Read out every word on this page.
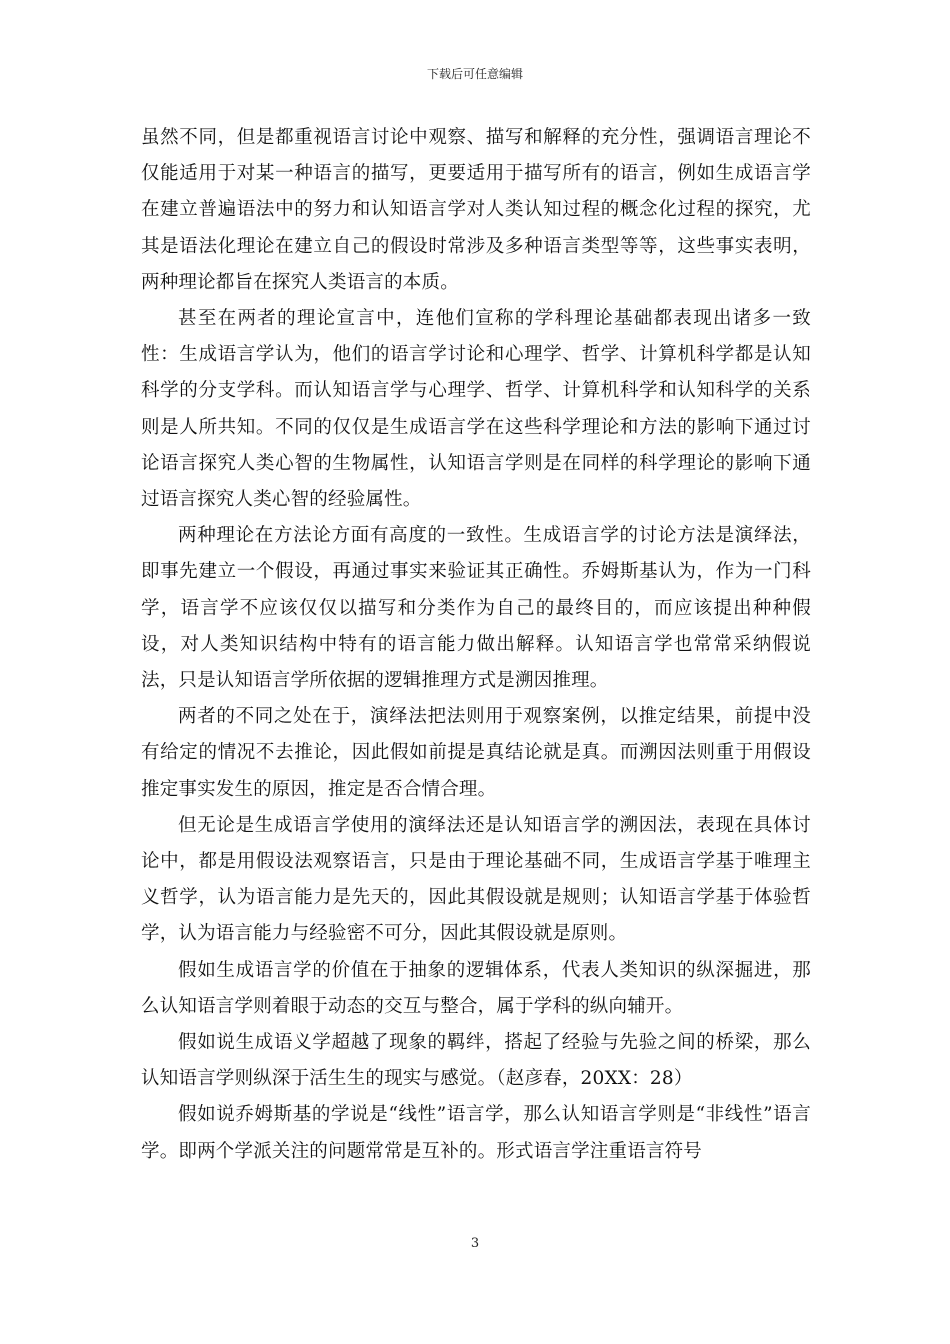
下载后可任意编辑

虽然不同，但是都重视语言讨论中观察、描写和解释的充分性，强调语言理论不仅能适用于对某一种语言的描写，更要适用于描写所有的语言，例如生成语言学在建立普遍语法中的努力和认知语言学对人类认知过程的概念化过程的探究，尤其是语法化理论在建立自己的假设时常涉及多种语言类型等等，这些事实表明，两种理论都旨在探究人类语言的本质。

甚至在两者的理论宣言中，连他们宣称的学科理论基础都表现出诸多一致性：生成语言学认为，他们的语言学讨论和心理学、哲学、计算机科学都是认知科学的分支学科。而认知语言学与心理学、哲学、计算机科学和认知科学的关系则是人所共知。不同的仅仅是生成语言学在这些科学理论和方法的影响下通过讨论语言探究人类心智的生物属性，认知语言学则是在同样的科学理论的影响下通过语言探究人类心智的经验属性。

两种理论在方法论方面有高度的一致性。生成语言学的讨论方法是演绎法，即事先建立一个假设，再通过事实来验证其正确性。乔姆斯基认为，作为一门科学，语言学不应该仅仅以描写和分类作为自己的最终目的，而应该提出种种假设，对人类知识结构中特有的语言能力做出解释。认知语言学也常常采纳假说法，只是认知语言学所依据的逻辑推理方式是溯因推理。

两者的不同之处在于，演绎法把法则用于观察案例，以推定结果，前提中没有给定的情况不去推论，因此假如前提是真结论就是真。而溯因法则重于用假设推定事实发生的原因，推定是否合情合理。

但无论是生成语言学使用的演绎法还是认知语言学的溯因法，表现在具体讨论中，都是用假设法观察语言，只是由于理论基础不同，生成语言学基于唯理主义哲学，认为语言能力是先天的，因此其假设就是规则；认知语言学基于体验哲学，认为语言能力与经验密不可分，因此其假设就是原则。

假如生成语言学的价值在于抽象的逻辑体系，代表人类知识的纵深掘进，那么认知语言学则着眼于动态的交互与整合，属于学科的纵向辅开。

假如说生成语义学超越了现象的羁绊，搭起了经验与先验之间的桥梁，那么认知语言学则纵深于活生生的现实与感觉。（赵彦春，20XX：28）

假如说乔姆斯基的学说是“线性”语言学，那么认知语言学则是“非线性”语言学。即两个学派关注的问题常常是互补的。形式语言学注重语言符号

3
